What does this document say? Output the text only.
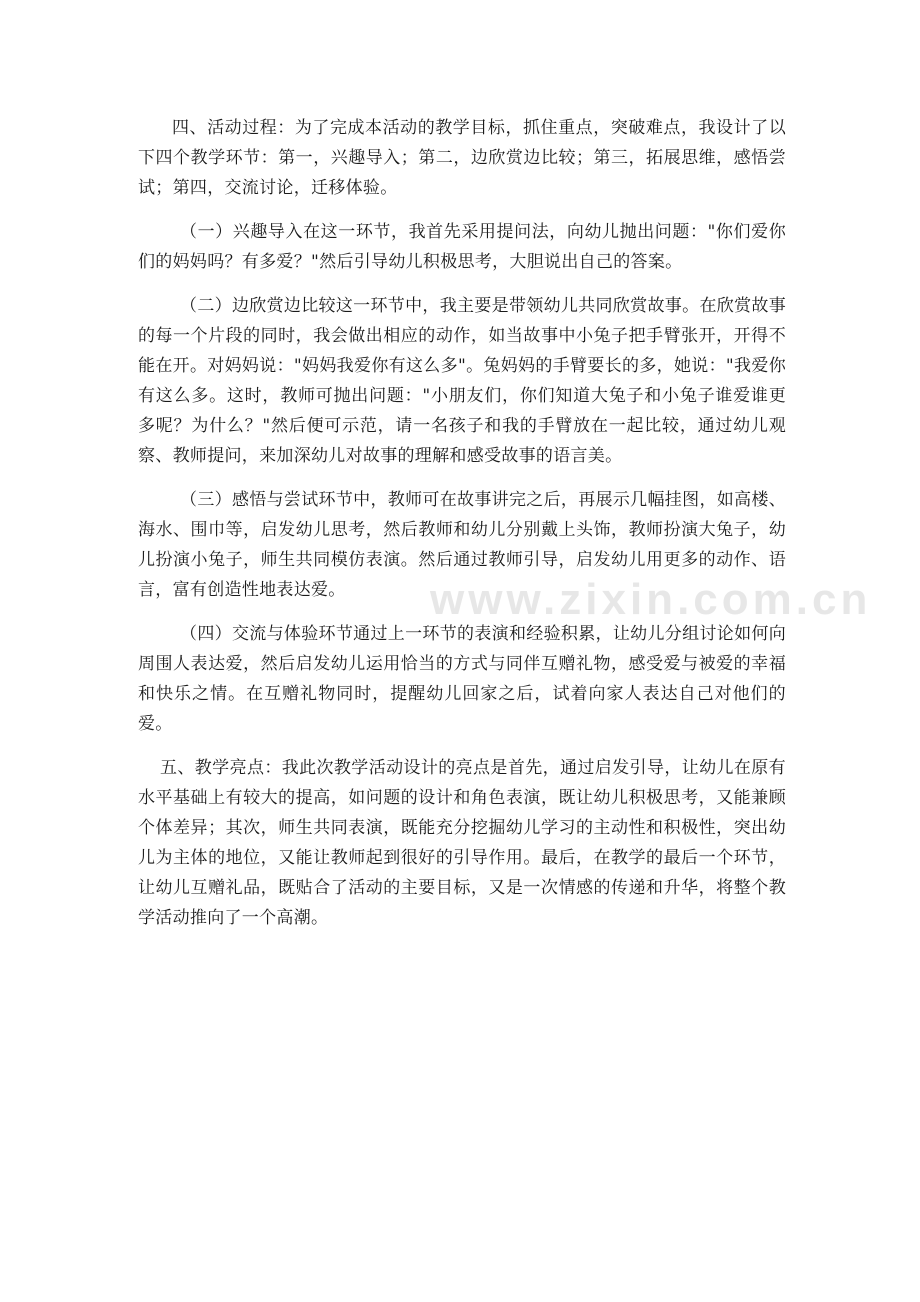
四、活动过程：为了完成本活动的教学目标，抓住重点，突破难点，我设计了以下四个教学环节：第一，兴趣导入；第二，边欣赏边比较；第三，拓展思维，感悟尝试；第四，交流讨论，迁移体验。

（一）兴趣导入在这一环节，我首先采用提问法，向幼儿抛出问题："你们爱你们的妈妈吗？有多爱？"然后引导幼儿积极思考，大胆说出自己的答案。

（二）边欣赏边比较这一环节中，我主要是带领幼儿共同欣赏故事。在欣赏故事的每一个片段的同时，我会做出相应的动作，如当故事中小兔子把手臂张开，开得不能在开。对妈妈说："妈妈我爱你有这么多"。兔妈妈的手臂要长的多，她说："我爱你有这么多。这时，教师可抛出问题："小朋友们，你们知道大兔子和小兔子谁爱谁更多呢？为什么？"然后便可示范，请一名孩子和我的手臂放在一起比较，通过幼儿观察、教师提问，来加深幼儿对故事的理解和感受故事的语言美。

（三）感悟与尝试环节中，教师可在故事讲完之后，再展示几幅挂图，如高楼、海水、围巾等，启发幼儿思考，然后教师和幼儿分别戴上头饰，教师扮演大兔子，幼儿扮演小兔子，师生共同模仿表演。然后通过教师引导，启发幼儿用更多的动作、语言，富有创造性地表达爱。

（四）交流与体验环节通过上一环节的表演和经验积累，让幼儿分组讨论如何向周围人表达爱，然后启发幼儿运用恰当的方式与同伴互赠礼物，感受爱与被爱的幸福和快乐之情。在互赠礼物同时，提醒幼儿回家之后，试着向家人表达自己对他们的爱。

五、教学亮点：我此次教学活动设计的亮点是首先，通过启发引导，让幼儿在原有水平基础上有较大的提高，如问题的设计和角色表演，既让幼儿积极思考，又能兼顾个体差异；其次，师生共同表演，既能充分挖掘幼儿学习的主动性和积极性，突出幼儿为主体的地位，又能让教师起到很好的引导作用。最后，在教学的最后一个环节，让幼儿互赠礼品，既贴合了活动的主要目标，又是一次情感的传递和升华，将整个教学活动推向了一个高潮。

www.zixin.com.cn
